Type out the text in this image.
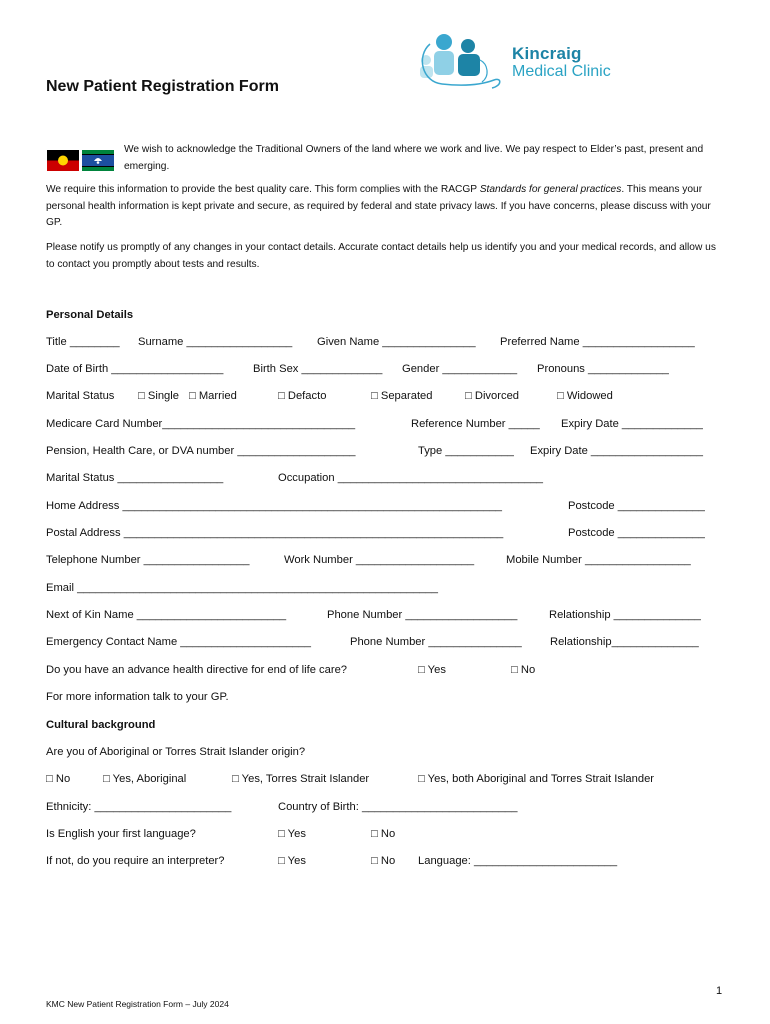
New Patient Registration Form
Kincraig
Medical Clinic
We wish to acknowledge the Traditional Owners of the land where we work and live. We pay respect to Elder’s past, present and emerging.
We require this information to provide the best quality care. This form complies with the RACGP Standards for general practices. This means your personal health information is kept private and secure, as required by federal and state privacy laws. If you have concerns, please discuss with your GP.
Please notify us promptly of any changes in your contact details. Accurate contact details help us identify you and your medical records, and allow us to contact you promptly about tests and results.
Personal Details
Title ________ Surname _________________ Given Name _______________ Preferred Name __________________
Date of Birth __________________	Birth Sex _____________ Gender ____________ Pronouns _____________
Marital Status □ Single □ Married	□ Defacto	□ Separated	□ Divorced	□ Widowed
Medicare Card Number_______________________________	Reference Number _____ Expiry Date _____________
Pension, Health Care, or DVA number ___________________	Type ___________ Expiry Date __________________
Marital Status _________________	Occupation _________________________________
Home Address _____________________________________________________________	Postcode ______________
Postal Address _____________________________________________________________	Postcode ______________
Telephone Number _________________	Work Number ___________________	Mobile Number _________________
Email __________________________________________________________
Next of Kin Name ________________________	Phone Number __________________	Relationship ______________
Emergency Contact Name _____________________	Phone Number _______________	Relationship______________
Do you have an advance health directive for end of life care?	□ Yes	□ No
For more information talk to your GP.
Cultural background
Are you of Aboriginal or Torres Strait Islander origin?
□ No	□ Yes, Aboriginal	□ Yes, Torres Strait Islander	□ Yes, both Aboriginal and Torres Strait Islander
Ethnicity: ______________________	Country of Birth: _________________________
Is English your first language?	□ Yes	□ No
If not, do you require an interpreter?	□ Yes	□ No Language: _______________________
1
KMC New Patient Registration Form – July 2024
